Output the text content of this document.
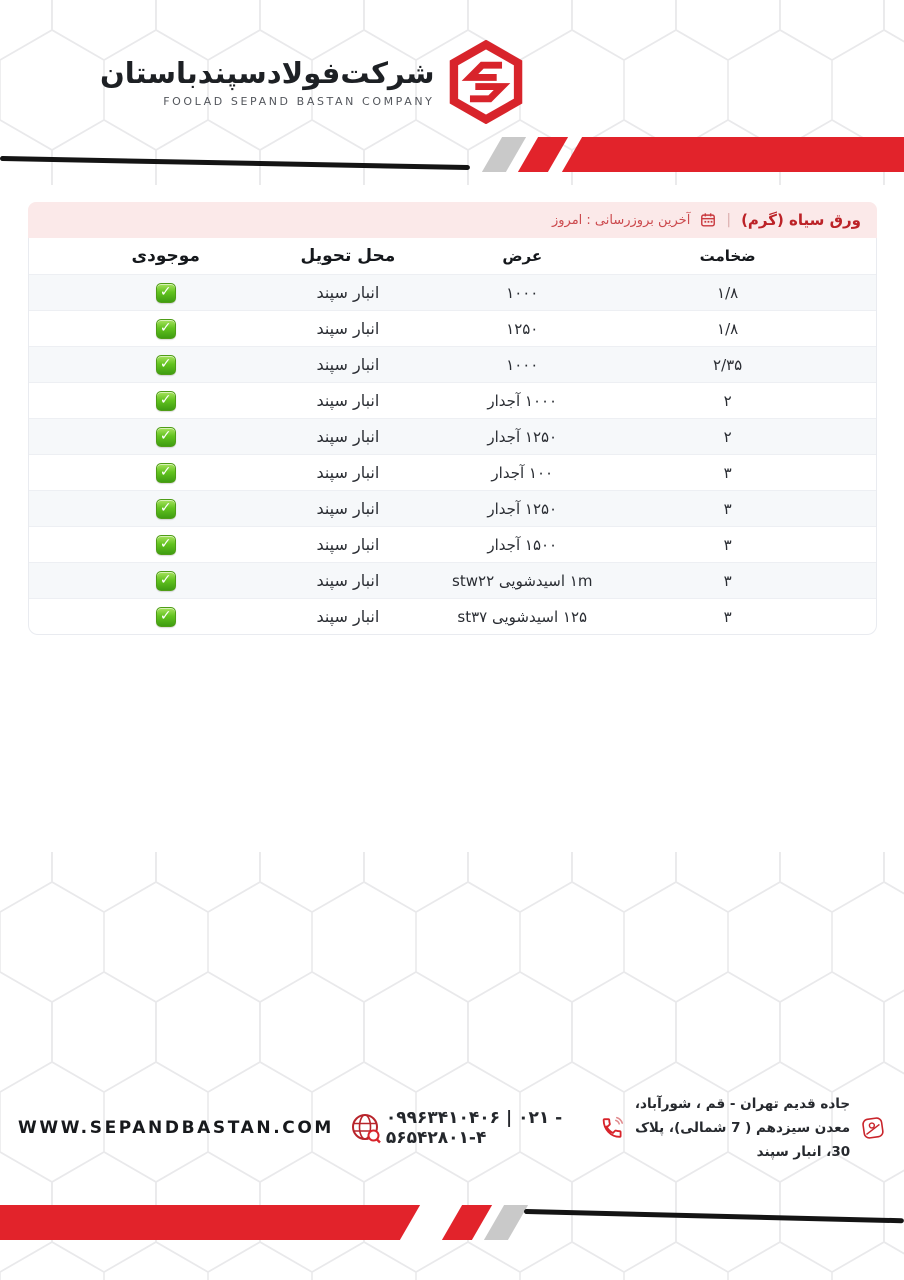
شرکت‌فولادسپندباستان
FOOLAD SEPAND BASTAN COMPANY
ورق سیاه (گرم)
|
آخرین بروزرسانی : امروز
ضخامت
عرض
محل تحویل
موجودی
۱/۸
۱۰۰۰
انبار سپند
✓
۱/۸
۱۲۵۰
انبار سپند
✓
۲/۳۵
۱۰۰۰
انبار سپند
✓
۲
۱۰۰۰ آجدار
انبار سپند
✓
۲
۱۲۵۰ آجدار
انبار سپند
✓
۳
۱۰۰ آجدار
انبار سپند
✓
۳
۱۲۵۰ آجدار
انبار سپند
✓
۳
۱۵۰۰ آجدار
انبار سپند
✓
۳
۱m اسیدشویی stw۲۲
انبار سپند
✓
۳
۱۲۵ اسیدشویی st۳۷
انبار سپند
✓
WWW.SEPANDBASTAN.COM	۰۹۹۶۳۴۱۰۴۰۶ | ۰۲۱ - ۵۶۵۴۲۸۰۱-۴
جاده قدیم تهران - قم ، شورآباد،
معدن سیزدهم ( 7 شمالی)، پلاک 30، انبار سپند
